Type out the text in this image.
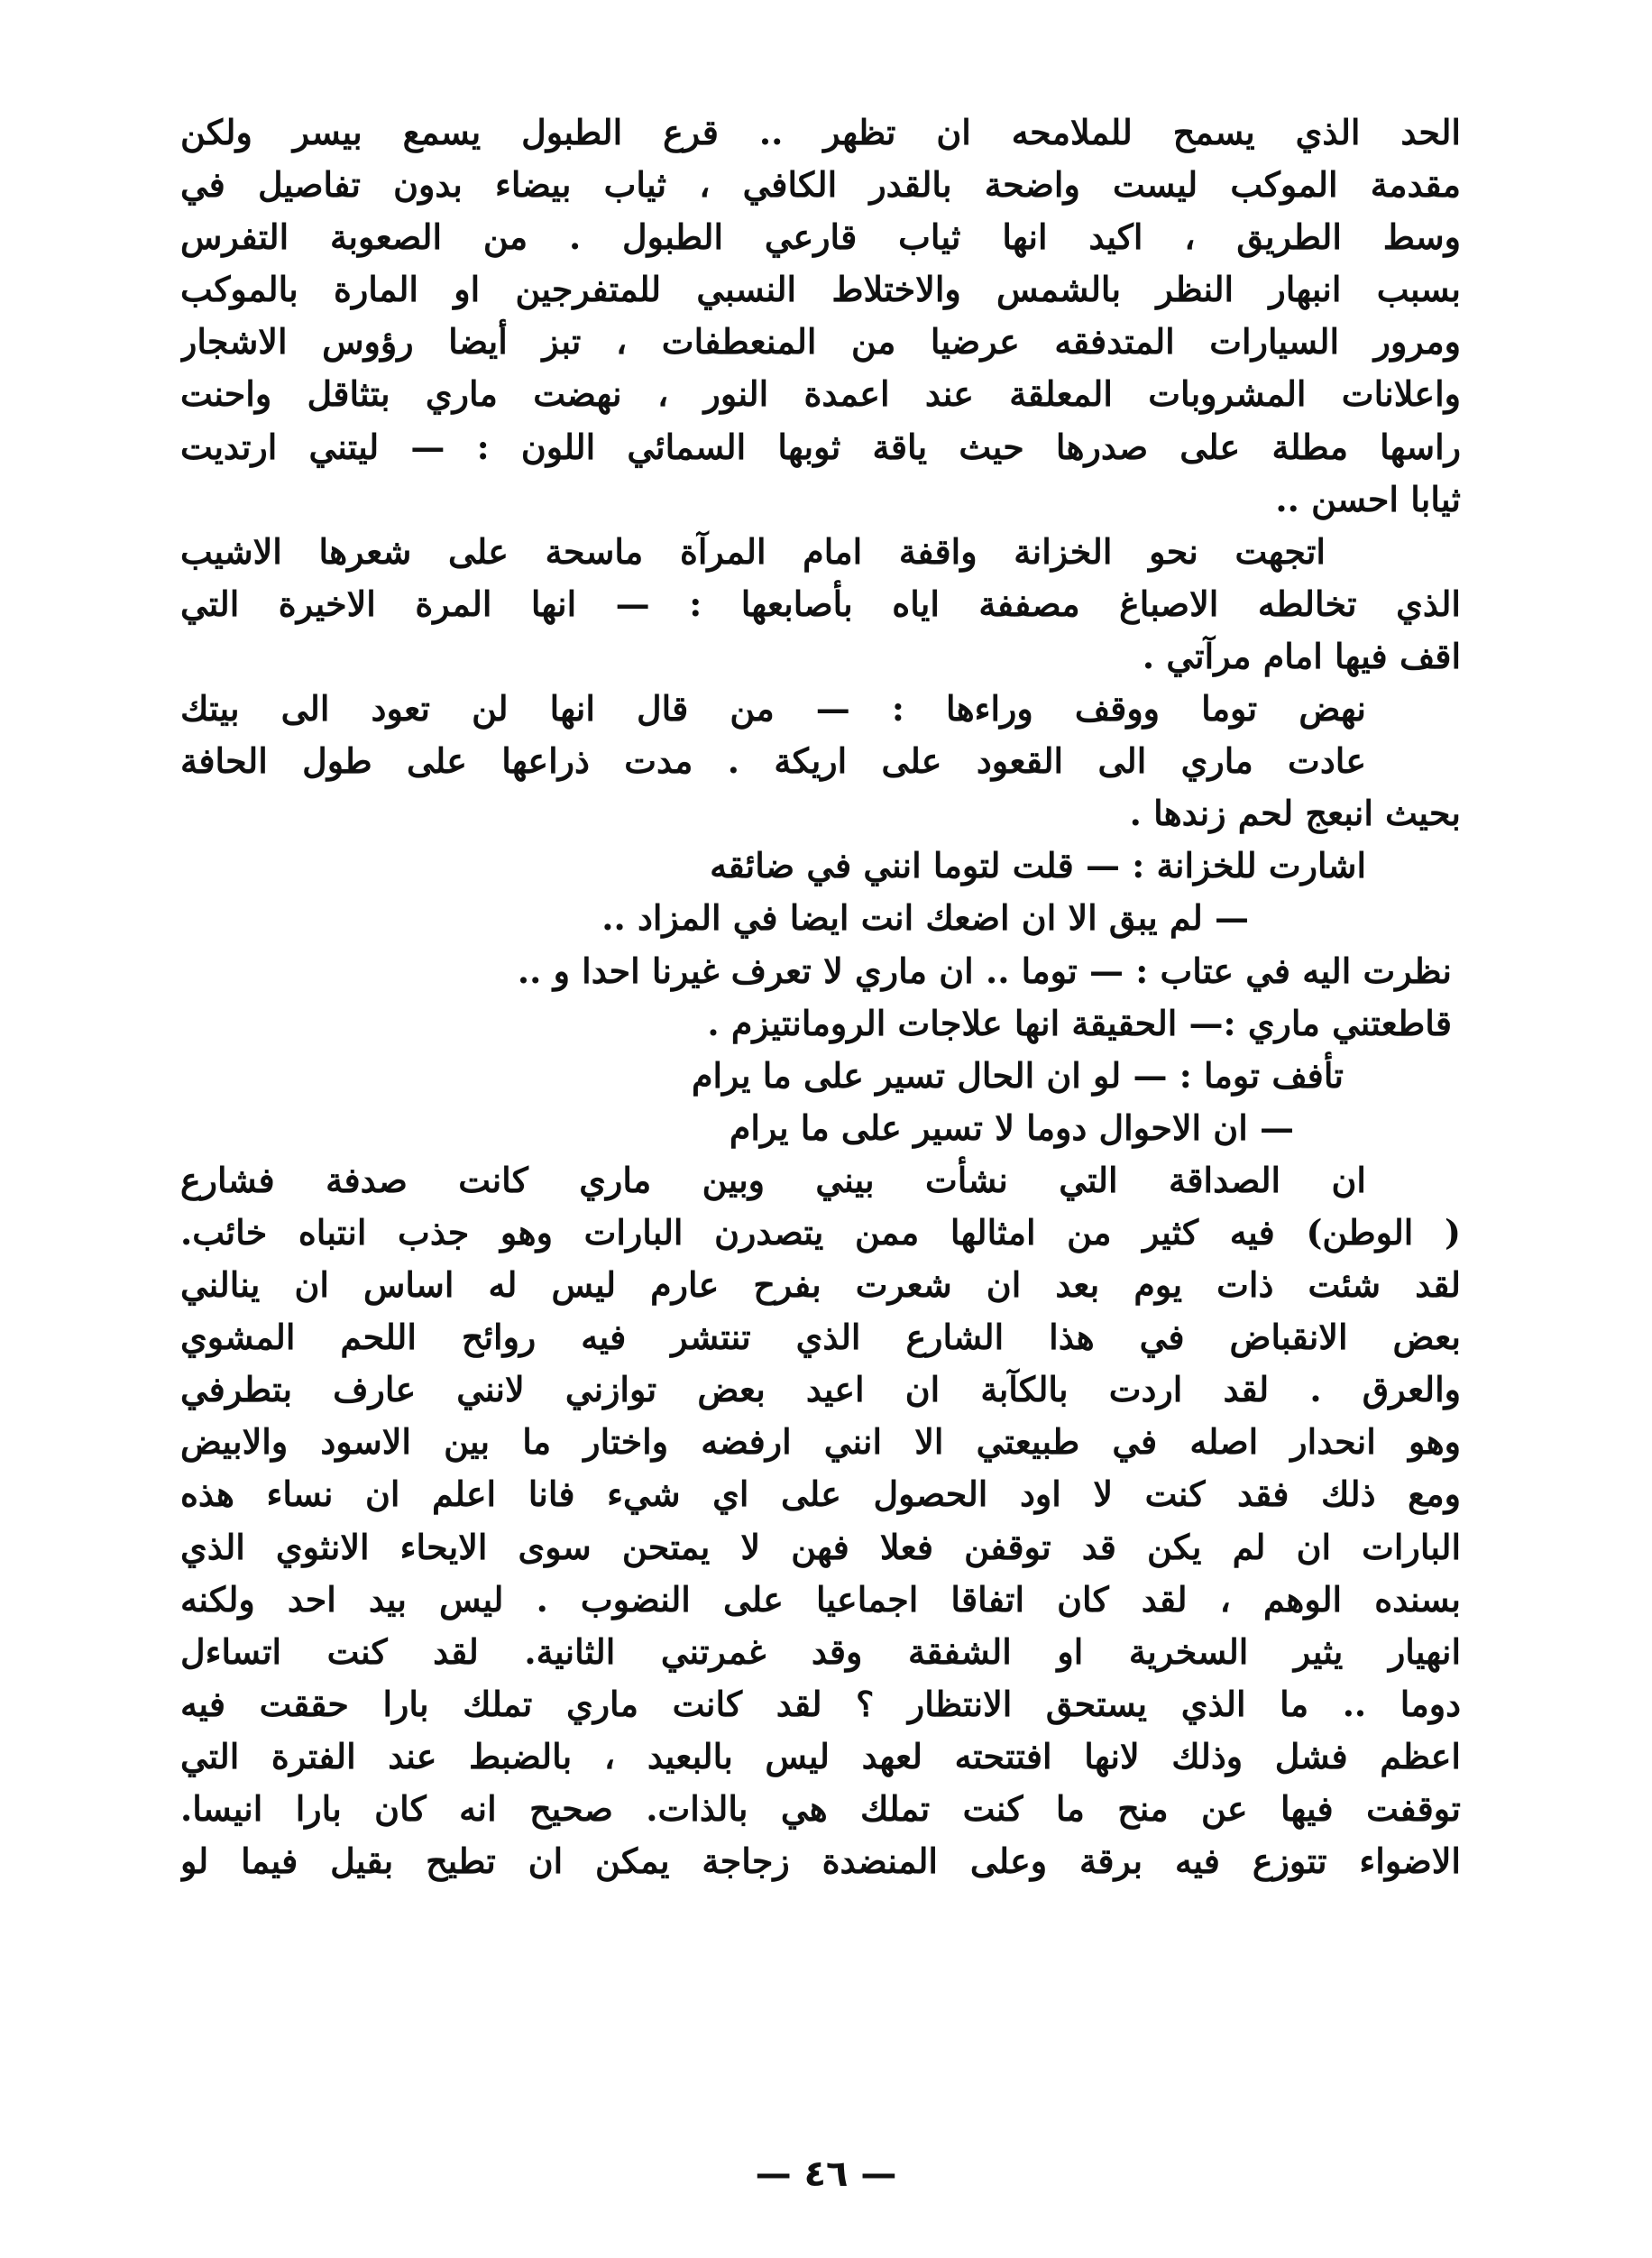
الحد الذي يسمح للملامحه ان تظهر .. قرع الطبول يسمع بيسر ولكن
مقدمة الموكب ليست واضحة بالقدر الكافي ، ثياب بيضاء بدون تفاصيل في
وسط الطريق ، اكيد انها ثياب قارعي الطبول . من الصعوبة التفرس
بسبب انبهار النظر بالشمس والاختلاط النسبي للمتفرجين او المارة بالموكب
ومرور السيارات المتدفقه عرضيا من المنعطفات ، تبز أيضا رؤوس الاشجار
واعلانات المشروبات المعلقة عند اعمدة النور ، نهضت ماري بتثاقل واحنت
راسها مطلة على صدرها حيث ياقة ثوبها السمائي اللون : — ليتني ارتديت
ثيابا احسن ..
اتجهت نحو الخزانة واقفة امام المرآة ماسحة على شعرها الاشيب
الذي تخالطه الاصباغ مصففة اياه بأصابعها : — انها المرة الاخيرة التي
اقف فيها امام مرآتي .
نهض توما ووقف وراءها : — من قال انها لن تعود الى بيتك
عادت ماري الى القعود على اريكة . مدت ذراعها على طول الحافة
بحيث انبعج لحم زندها .
اشارت للخزانة : — قلت لتوما انني في ضائقه
— لم يبق الا ان اضعك انت ايضا في المزاد ..
نظرت اليه في عتاب : — توما .. ان ماري لا تعرف غيرنا احدا و ..
قاطعتني ماري :— الحقيقة انها علاجات الرومانتيزم .
تأفف توما : — لو ان الحال تسير على ما يرام
— ان الاحوال دوما لا تسير على ما يرام
ان الصداقة التي نشأت بيني وبين ماري كانت صدفة فشارع
( الوطن) فيه كثير من امثالها ممن يتصدرن البارات وهو جذب انتباه خائب.
لقد شئت ذات يوم بعد ان شعرت بفرح عارم ليس له اساس ان ينالني
بعض الانقباض في هذا الشارع الذي تنتشر فيه روائح اللحم المشوي
والعرق . لقد اردت بالكآبة ان اعيد بعض توازني لانني عارف بتطرفي
وهو انحدار اصله في طبيعتي الا انني ارفضه واختار ما بين الاسود والابيض
ومع ذلك فقد كنت لا اود الحصول على اي شيء فانا اعلم ان نساء هذه
البارات ان لم يكن قد توقفن فعلا فهن لا يمتحن سوى الايحاء الانثوي الذي
بسنده الوهم ، لقد كان اتفاقا اجماعيا على النضوب . ليس بيد احد ولكنه
انهيار يثير السخرية او الشفقة وقد غمرتني الثانية. لقد كنت اتساءل
دوما .. ما الذي يستحق الانتظار ؟ لقد كانت ماري تملك بارا حققت فيه
اعظم فشل وذلك لانها افتتحته لعهد ليس بالبعيد ، بالضبط عند الفترة التي
توقفت فيها عن منح ما كنت تملك هي بالذات. صحيح انه كان بارا انيسا.
الاضواء تتوزع فيه برقة وعلى المنضدة زجاجة يمكن ان تطيح بقيل فيما لو
— ٤٦ —
